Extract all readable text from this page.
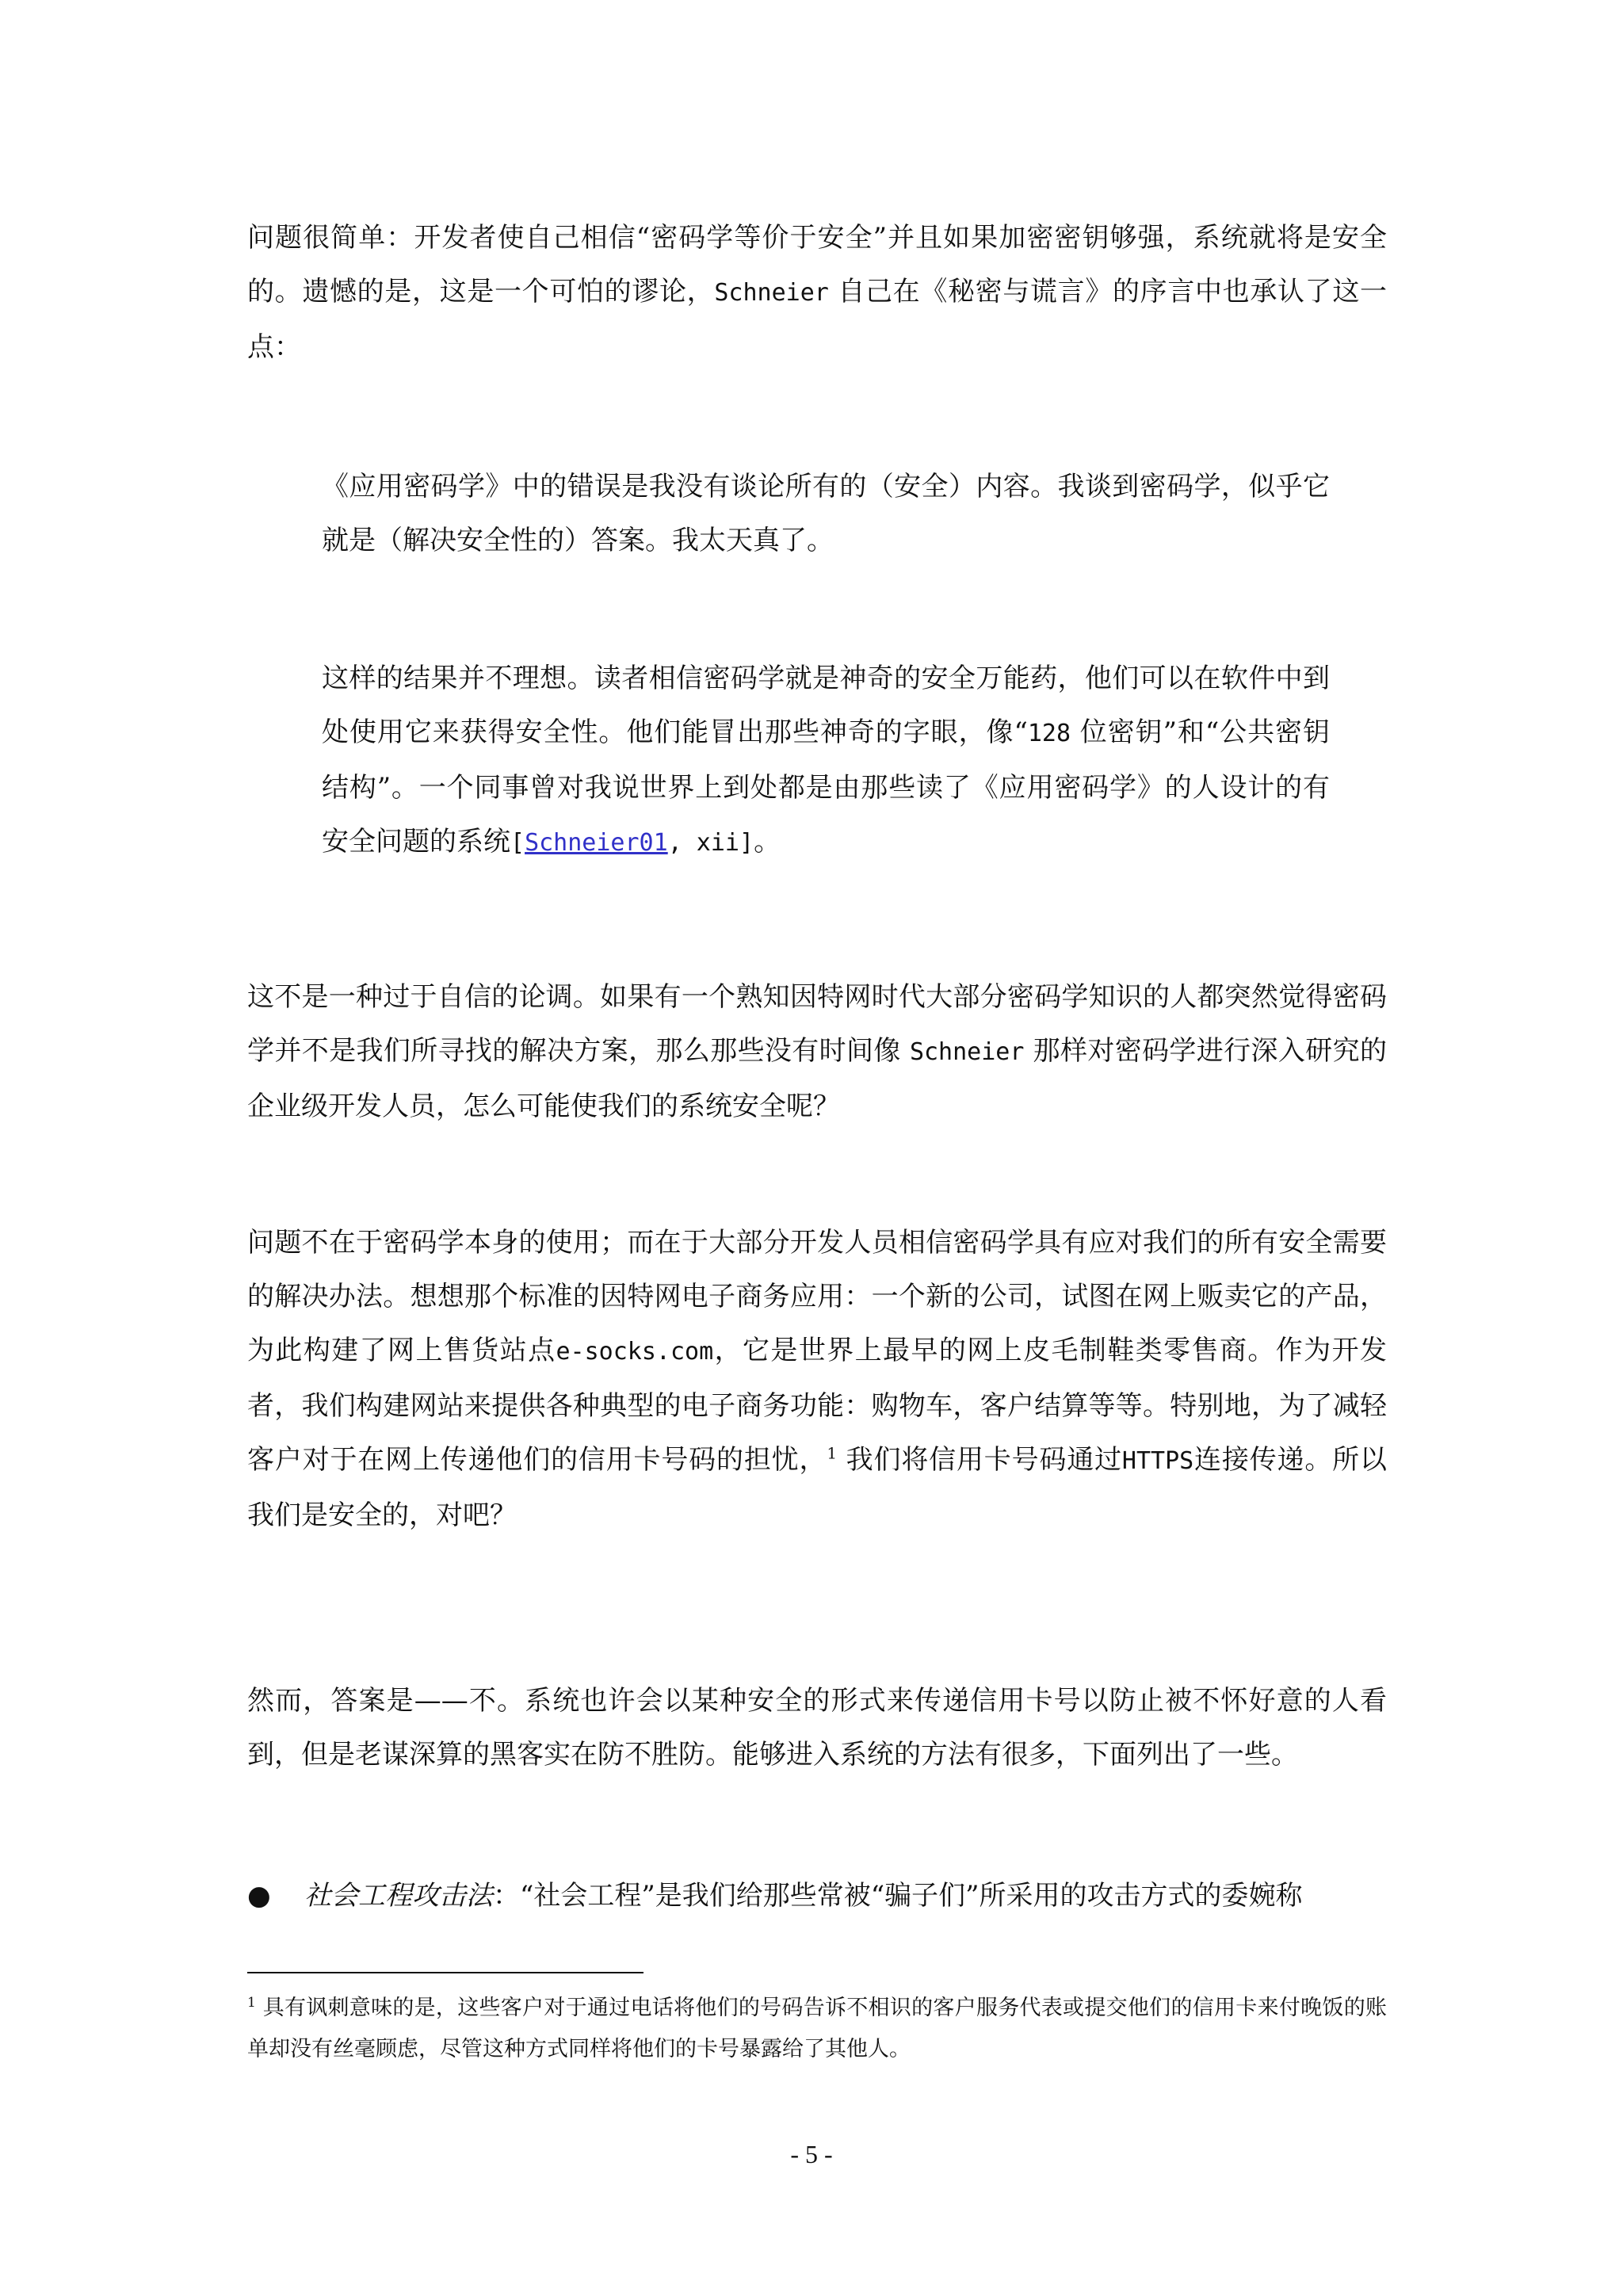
问题很简单：开发者使自己相信“密码学等价于安全”并且如果加密密钥够强，系统就将是安全的。遗憾的是，这是一个可怕的谬论，Schneier 自己在《秘密与谎言》的序言中也承认了这一点：

《应用密码学》中的错误是我没有谈论所有的（安全）内容。我谈到密码学，似乎它就是（解决安全性的）答案。我太天真了。

这样的结果并不理想。读者相信密码学就是神奇的安全万能药，他们可以在软件中到处使用它来获得安全性。他们能冒出那些神奇的字眼，像“128 位密钥”和“公共密钥结构”。一个同事曾对我说世界上到处都是由那些读了《应用密码学》的人设计的有安全问题的系统[Schneier01, xii]。

这不是一种过于自信的论调。如果有一个熟知因特网时代大部分密码学知识的人都突然觉得密码学并不是我们所寻找的解决方案，那么那些没有时间像 Schneier 那样对密码学进行深入研究的企业级开发人员，怎么可能使我们的系统安全呢？

问题不在于密码学本身的使用；而在于大部分开发人员相信密码学具有应对我们的所有安全需要的解决办法。想想那个标准的因特网电子商务应用：一个新的公司，试图在网上贩卖它的产品，为此构建了网上售货站点e-socks.com，它是世界上最早的网上皮毛制鞋类零售商。作为开发者，我们构建网站来提供各种典型的电子商务功能：购物车，客户结算等等。特别地，为了减轻客户对于在网上传递他们的信用卡号码的担忧，$^1$ 我们将信用卡号码通过HTTPS连接传递。所以我们是安全的，对吧？

然而，答案是——不。系统也许会以某种安全的形式来传递信用卡号以防止被不怀好意的人看到，但是老谋深算的黑客实在防不胜防。能够进入系统的方法有很多，下面列出了一些。

●	社会工程攻击法：“社会工程”是我们给那些常被“骗子们”所采用的攻击方式的委婉称

$^1$ 具有讽刺意味的是，这些客户对于通过电话将他们的号码告诉不相识的客户服务代表或提交他们的信用卡来付晚饭的账单却没有丝毫顾虑，尽管这种方式同样将他们的卡号暴露给了其他人。

- 5 -
